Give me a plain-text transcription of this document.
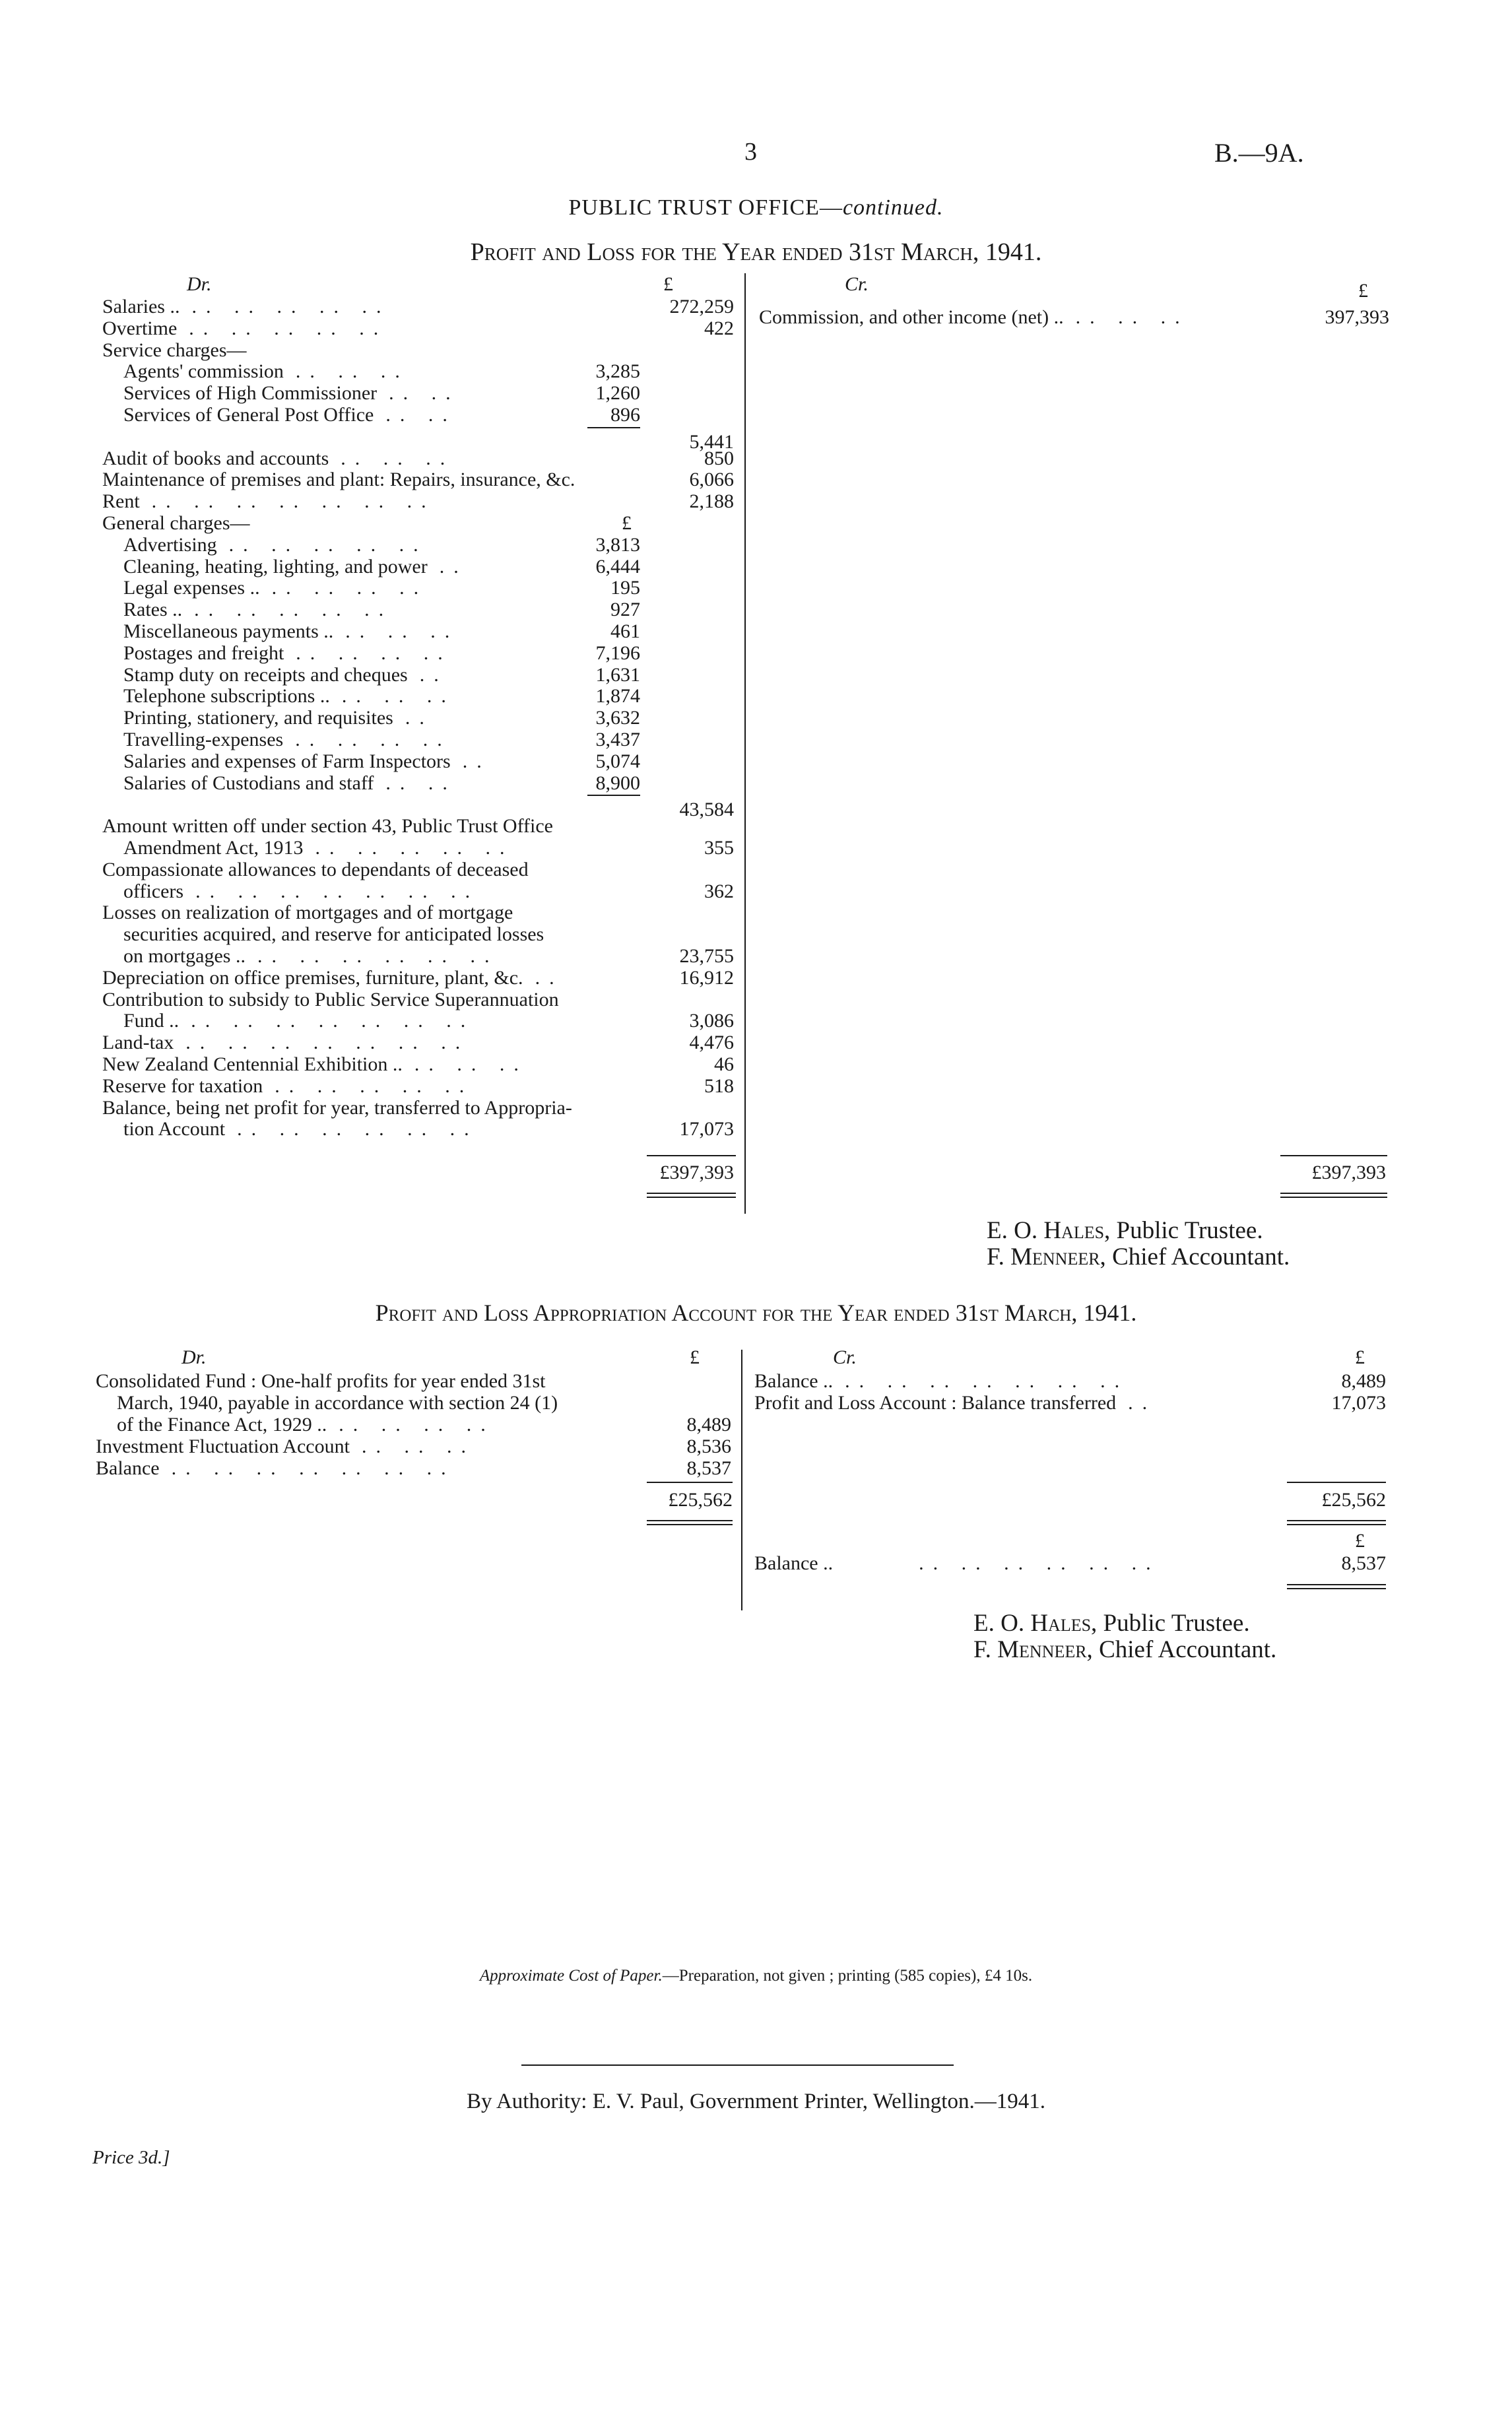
3	B.—9A.
PUBLIC TRUST OFFICE—continued.
Profit and Loss for the Year ended 31st March, 1941.
Dr.	£	Cr.	£
Salaries .. .. .. .. .. ..	272,259
Overtime .. .. .. .. ..	422
Service charges—
Agents' commission .. .. ..	3,285
Services of High Commissioner .. ..	1,260
Services of General Post Office .. ..	896
5,441
Audit of books and accounts .. .. ..	850
Maintenance of premises and plant: Repairs, insurance, &c.	6,066
Rent .. .. .. .. .. .. ..	2,188
General charges—	£
Advertising .. .. .. .. ..	3,813
Cleaning, heating, lighting, and power ..	6,444
Legal expenses .. .. .. .. ..	195
Rates .. .. .. .. .. ..	927
Miscellaneous payments .. .. .. ..	461
Postages and freight .. .. .. ..	7,196
Stamp duty on receipts and cheques ..	1,631
Telephone subscriptions .. .. .. ..	1,874
Printing, stationery, and requisites ..	3,632
Travelling-expenses .. .. .. ..	3,437
Salaries and expenses of Farm Inspectors ..	5,074
Salaries of Custodians and staff .. ..	8,900
43,584
Amount written off under section 43, Public Trust Office
Amendment Act, 1913 .. .. .. .. ..	355
Compassionate allowances to dependants of deceased
officers .. .. .. .. .. .. ..	362
Losses on realization of mortgages and of mortgage
securities acquired, and reserve for anticipated losses
on mortgages .. .. .. .. .. .. ..	23,755
Depreciation on office premises, furniture, plant, &c. ..	16,912
Contribution to subsidy to Public Service Superannuation
Fund .. .. .. .. .. .. .. ..	3,086
Land-tax .. .. .. .. .. .. ..	4,476
New Zealand Centennial Exhibition .. .. .. ..	46
Reserve for taxation .. .. .. .. ..	518
Balance, being net profit for year, transferred to Appropria-
tion Account .. .. .. .. .. ..	17,073
Commission, and other income (net) .. .. .. ..	397,393
£397,393	£397,393
E. O. Hales, Public Trustee.
F. Menneer, Chief Accountant.
Profit and Loss Appropriation Account for the Year ended 31st March, 1941.
Dr.	£	Cr.	£
Consolidated Fund : One-half profits for year ended 31st
March, 1940, payable in accordance with section 24 (1)
of the Finance Act, 1929 .. .. .. .. ..	8,489
Investment Fluctuation Account .. .. ..	8,536
Balance .. .. .. .. .. .. ..	8,537
Balance .. .. .. .. .. .. .. ..	8,489
Profit and Loss Account : Balance transferred ..	17,073
£25,562	£25,562
£
Balance ..	.. .. .. .. .. ..	8,537
E. O. Hales, Public Trustee.
F. Menneer, Chief Accountant.
Approximate Cost of Paper.—Preparation, not given ; printing (585 copies), £4 10s.
By Authority: E. V. Paul, Government Printer, Wellington.—1941.
Price 3d.]
